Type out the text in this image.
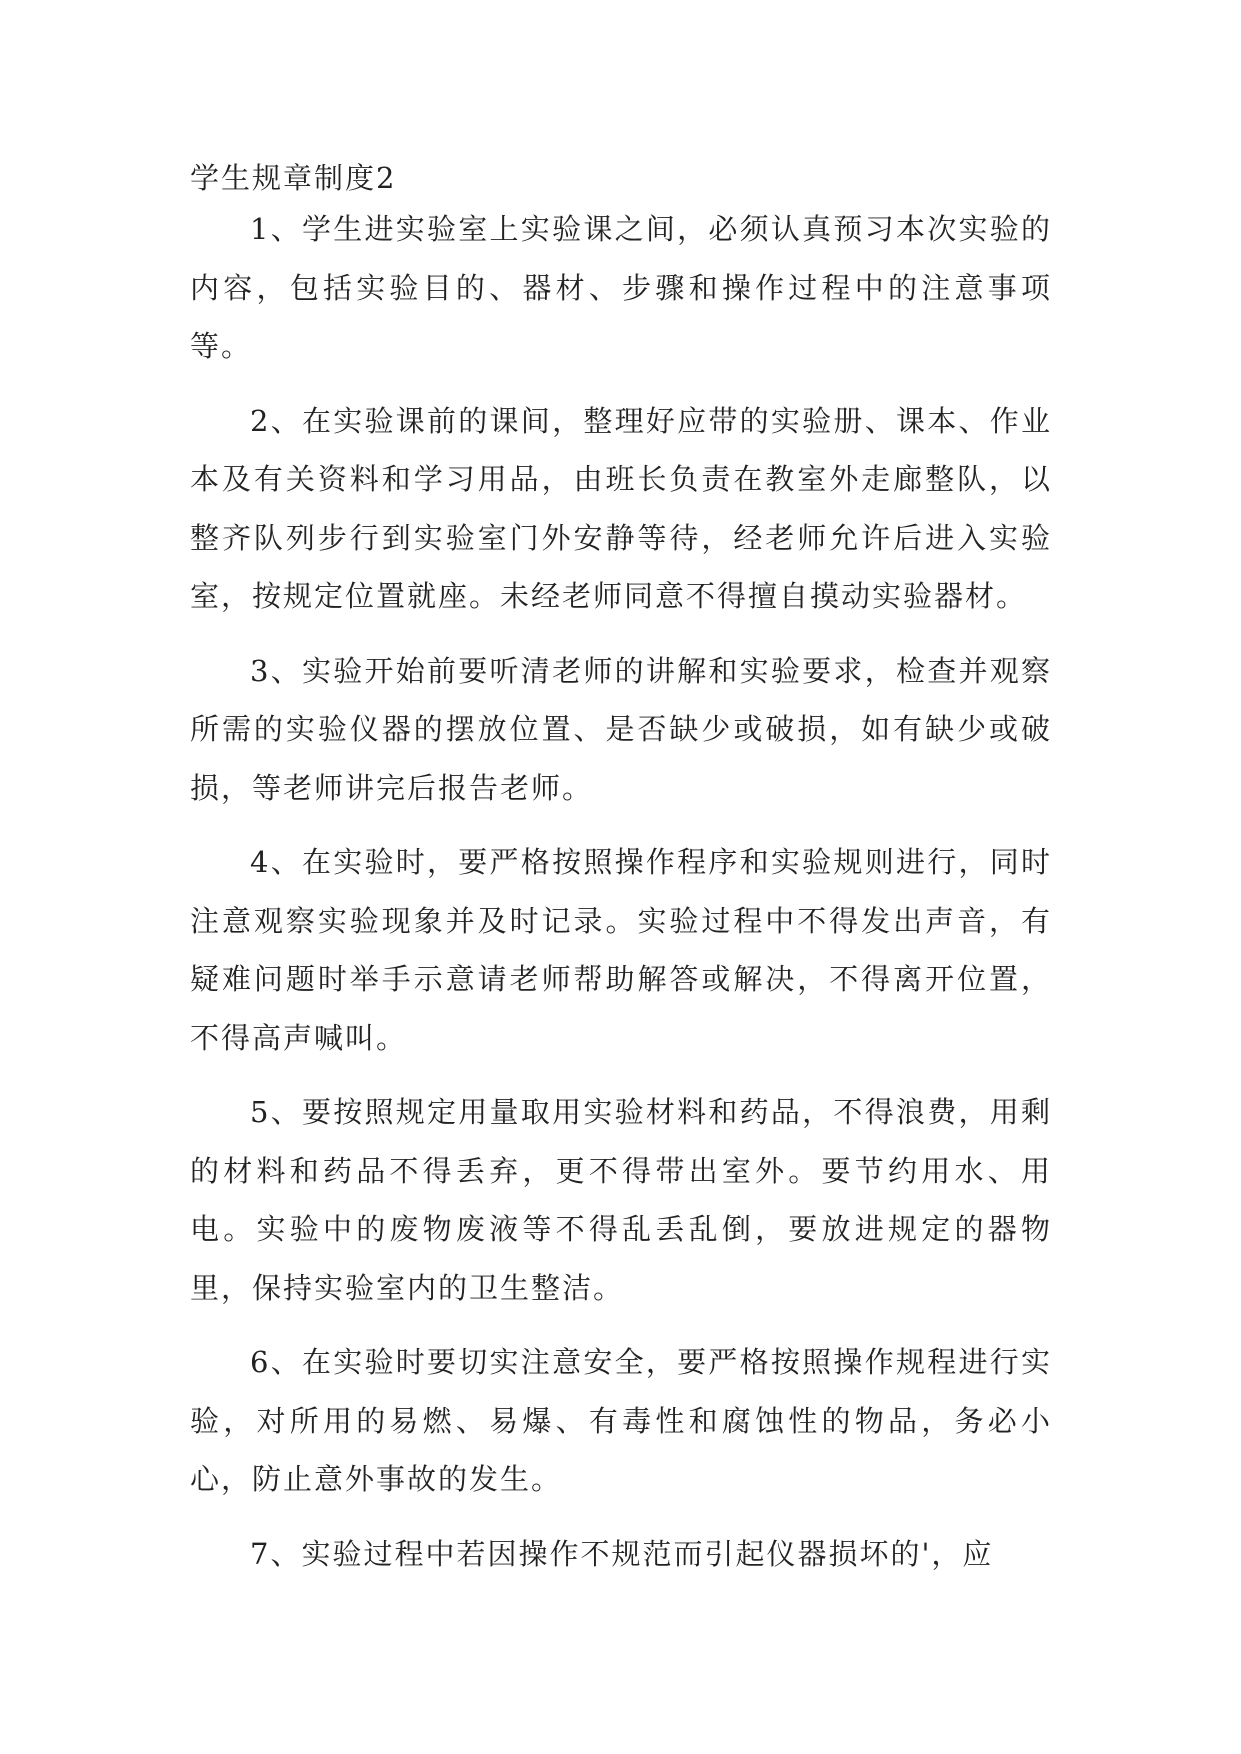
学生规章制度2

1、学生进实验室上实验课之间，必须认真预习本次实验的内容，包括实验目的、器材、步骤和操作过程中的注意事项等。

2、在实验课前的课间，整理好应带的实验册、课本、作业本及有关资料和学习用品，由班长负责在教室外走廊整队，以整齐队列步行到实验室门外安静等待，经老师允许后进入实验室，按规定位置就座。未经老师同意不得擅自摸动实验器材。

3、实验开始前要听清老师的讲解和实验要求，检查并观察所需的实验仪器的摆放位置、是否缺少或破损，如有缺少或破损，等老师讲完后报告老师。

4、在实验时，要严格按照操作程序和实验规则进行，同时注意观察实验现象并及时记录。实验过程中不得发出声音，有疑难问题时举手示意请老师帮助解答或解决，不得离开位置，不得高声喊叫。

5、要按照规定用量取用实验材料和药品，不得浪费，用剩的材料和药品不得丢弃，更不得带出室外。要节约用水、用电。实验中的废物废液等不得乱丢乱倒，要放进规定的器物里，保持实验室内的卫生整洁。

6、在实验时要切实注意安全，要严格按照操作规程进行实验，对所用的易燃、易爆、有毒性和腐蚀性的物品，务必小心，防止意外事故的发生。

7、实验过程中若因操作不规范而引起仪器损坏的'，应
